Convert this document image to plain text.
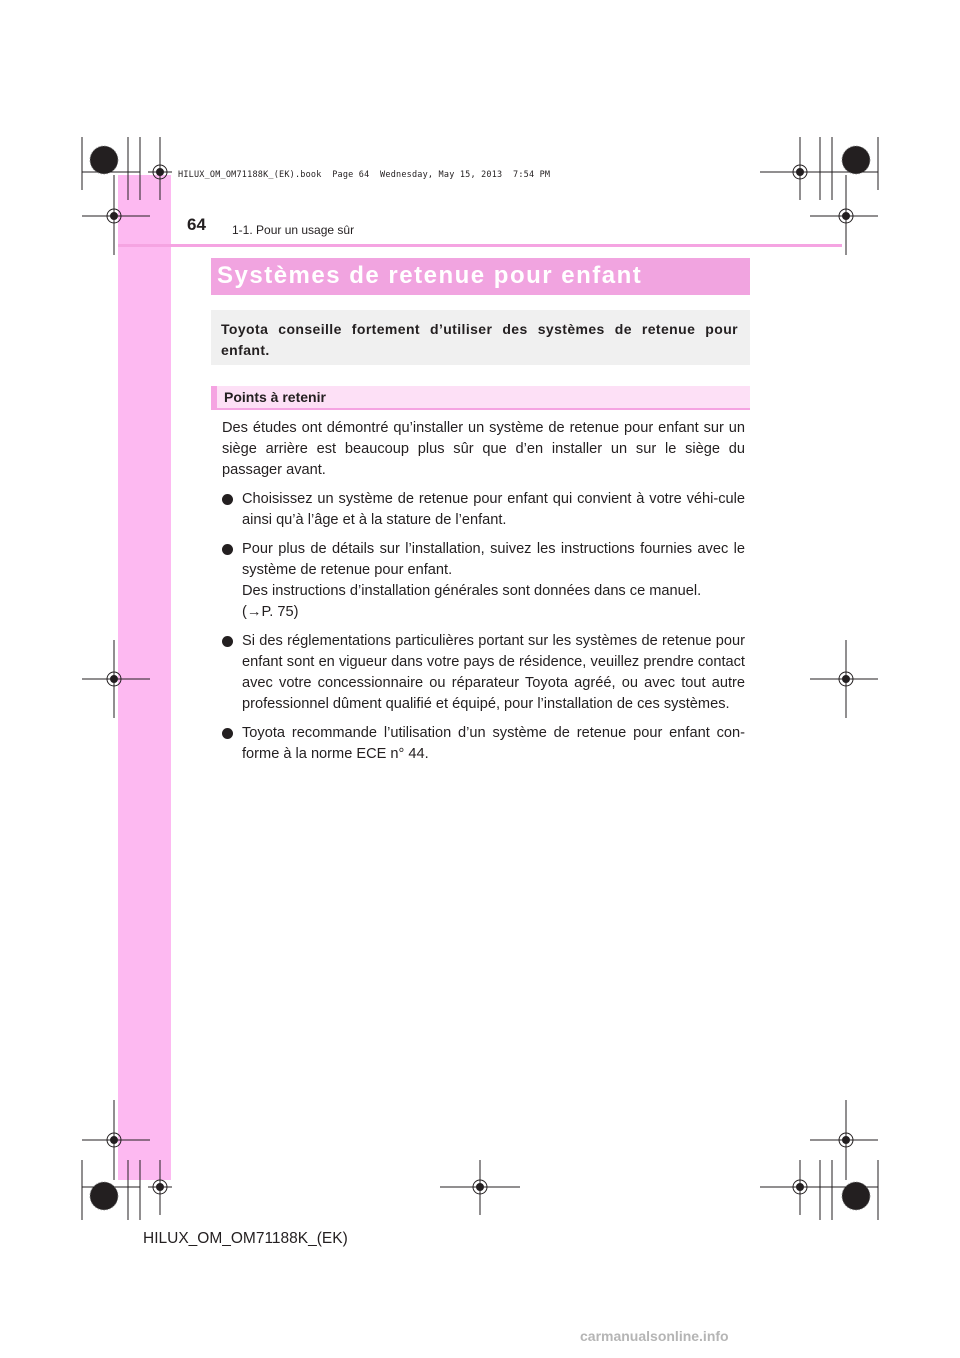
HILUX_OM_OM71188K_(EK).book  Page 64  Wednesday, May 15, 2013  7:54 PM
64 1-1. Pour un usage sûr
Systèmes de retenue pour enfant
Toyota conseille fortement d’utiliser des systèmes de retenue pour enfant.
Points à retenir

Des études ont démontré qu’installer un système de retenue pour enfant sur un siège arrière est beaucoup plus sûr que d’en installer un sur le siège du passager avant.

Choisissez un système de retenue pour enfant qui convient à votre véhi-cule ainsi qu’à l’âge et à la stature de l’enfant.
Pour plus de détails sur l’installation, suivez les instructions fournies avec le système de retenue pour enfant.
Des instructions d’installation générales sont données dans ce manuel.
(→P. 75)
Si des réglementations particulières portant sur les systèmes de retenue pour enfant sont en vigueur dans votre pays de résidence, veuillez prendre contact avec votre concessionnaire ou réparateur Toyota agréé, ou avec tout autre professionnel dûment qualifié et équipé, pour l’installation de ces systèmes.
Toyota recommande l’utilisation d’un système de retenue pour enfant con-forme à la norme ECE n° 44.
HILUX_OM_OM71188K_(EK)
carmanualsonline.info
